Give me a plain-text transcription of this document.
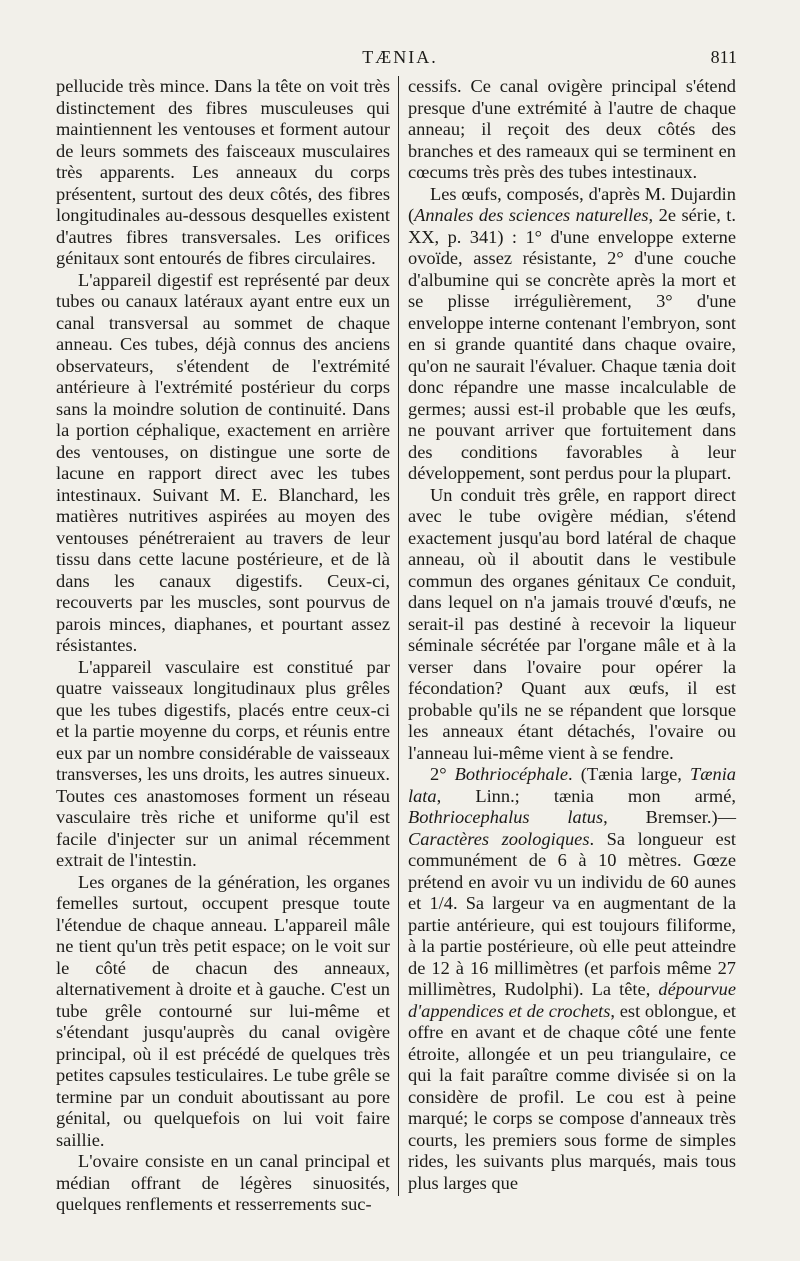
TÆNIA.	811

pellucide très mince. Dans la tête on voit très distinctement des fibres musculeuses qui maintiennent les ventouses et forment autour de leurs sommets des faisceaux musculaires très apparents. Les anneaux du corps présentent, surtout des deux côtés, des fibres longitudinales au-dessous desquelles existent d'autres fibres transversales. Les orifices génitaux sont entourés de fibres circulaires.

L'appareil digestif est représenté par deux tubes ou canaux latéraux ayant entre eux un canal transversal au sommet de chaque anneau. Ces tubes, déjà connus des anciens observateurs, s'étendent de l'extrémité antérieure à l'extrémité postérieur du corps sans la moindre solution de continuité. Dans la portion céphalique, exactement en arrière des ventouses, on distingue une sorte de lacune en rapport direct avec les tubes intestinaux. Suivant M. E. Blanchard, les matières nutritives aspirées au moyen des ventouses pénétreraient au travers de leur tissu dans cette lacune postérieure, et de là dans les canaux digestifs. Ceux-ci, recouverts par les muscles, sont pourvus de parois minces, diaphanes, et pourtant assez résistantes.

L'appareil vasculaire est constitué par quatre vaisseaux longitudinaux plus grêles que les tubes digestifs, placés entre ceux-ci et la partie moyenne du corps, et réunis entre eux par un nombre considérable de vaisseaux transverses, les uns droits, les autres sinueux. Toutes ces anastomoses forment un réseau vasculaire très riche et uniforme qu'il est facile d'injecter sur un animal récemment extrait de l'intestin.

Les organes de la génération, les organes femelles surtout, occupent presque toute l'étendue de chaque anneau. L'appareil mâle ne tient qu'un très petit espace; on le voit sur le côté de chacun des anneaux, alternativement à droite et à gauche. C'est un tube grêle contourné sur lui-même et s'étendant jusqu'auprès du canal ovigère principal, où il est précédé de quelques très petites capsules testiculaires. Le tube grêle se termine par un conduit aboutissant au pore génital, ou quelquefois on lui voit faire saillie.

L'ovaire consiste en un canal principal et médian offrant de légères sinuosités, quelques renflements et resserrements suc-

cessifs. Ce canal ovigère principal s'étend presque d'une extrémité à l'autre de chaque anneau; il reçoit des deux côtés des branches et des rameaux qui se terminent en cœcums très près des tubes intestinaux.

Les œufs, composés, d'après M. Dujardin (Annales des sciences naturelles, 2e série, t. XX, p. 341) : 1° d'une enveloppe externe ovoïde, assez résistante, 2° d'une couche d'albumine qui se concrète après la mort et se plisse irrégulièrement, 3° d'une enveloppe interne contenant l'embryon, sont en si grande quantité dans chaque ovaire, qu'on ne saurait l'évaluer. Chaque tænia doit donc répandre une masse incalculable de germes; aussi est-il probable que les œufs, ne pouvant arriver que fortuitement dans des conditions favorables à leur développement, sont perdus pour la plupart.

Un conduit très grêle, en rapport direct avec le tube ovigère médian, s'étend exactement jusqu'au bord latéral de chaque anneau, où il aboutit dans le vestibule commun des organes génitaux Ce conduit, dans lequel on n'a jamais trouvé d'œufs, ne serait-il pas destiné à recevoir la liqueur séminale sécrétée par l'organe mâle et à la verser dans l'ovaire pour opérer la fécondation? Quant aux œufs, il est probable qu'ils ne se répandent que lorsque les anneaux étant détachés, l'ovaire ou l'anneau lui-même vient à se fendre.

2° Bothriocéphale. (Tænia large, Tænia lata, Linn.; tænia mon armé, Bothriocephalus latus, Bremser.)—Caractères zoologiques. Sa longueur est communément de 6 à 10 mètres. Gœze prétend en avoir vu un individu de 60 aunes et 1/4. Sa largeur va en augmentant de la partie antérieure, qui est toujours filiforme, à la partie postérieure, où elle peut atteindre de 12 à 16 millimètres (et parfois même 27 millimètres, Rudolphi). La tête, dépourvue d'appendices et de crochets, est oblongue, et offre en avant et de chaque côté une fente étroite, allongée et un peu triangulaire, ce qui la fait paraître comme divisée si on la considère de profil. Le cou est à peine marqué; le corps se compose d'anneaux très courts, les premiers sous forme de simples rides, les suivants plus marqués, mais tous plus larges que
